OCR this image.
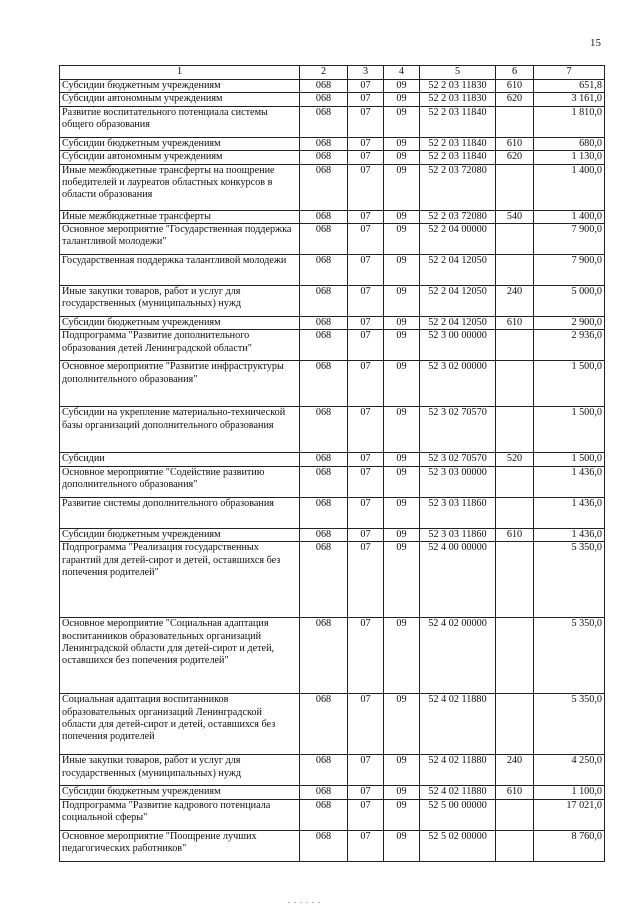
15
1	2	3	4	5	6	7
Субсидии бюджетным учреждениям	068	07	09	52 2 03 11830	610	651,8
Субсидии автономным учреждениям	068	07	09	52 2 03 11830	620	3 161,0
Развитие воспитательного потенциала системы общего образования	068	07	09	52 2 03 11840		1 810,0
Субсидии бюджетным учреждениям	068	07	09	52 2 03 11840	610	680,0
Субсидии автономным учреждениям	068	07	09	52 2 03 11840	620	1 130,0
Иные межбюджетные трансферты на поощрение победителей и лауреатов областных конкурсов в области образования	068	07	09	52 2 03 72080		1 400,0
Иные межбюджетные трансферты	068	07	09	52 2 03 72080	540	1 400,0
Основное мероприятие "Государственная поддержка талантливой молодежи"	068	07	09	52 2 04 00000		7 900,0
Государственная поддержка талантливой молодежи	068	07	09	52 2 04 12050		7 900,0
Иные закупки товаров, работ и услуг для государственных (муниципальных) нужд	068	07	09	52 2 04 12050	240	5 000,0
Субсидии бюджетным учреждениям	068	07	09	52 2 04 12050	610	2 900,0
Подпрограмма "Развитие дополнительного образования детей Ленинградской области"	068	07	09	52 3 00 00000		2 936,0
Основное мероприятие "Развитие инфраструктуры дополнительного образования"	068	07	09	52 3 02 00000		1 500,0
Субсидии на укрепление материально-технической базы организаций дополнительного образования	068	07	09	52 3 02 70570		1 500,0
Субсидии	068	07	09	52 3 02 70570	520	1 500,0
Основное мероприятие "Содействие развитию дополнительного образования"	068	07	09	52 3 03 00000		1 436,0
Развитие системы дополнительного образования	068	07	09	52 3 03 11860		1 436,0
Субсидии бюджетным учреждениям	068	07	09	52 3 03 11860	610	1 436,0
Подпрограмма "Реализация государственных гарантий для детей-сирот и детей, оставшихся без попечения родителей"	068	07	09	52 4 00 00000		5 350,0
Основное мероприятие "Социальная адаптация воспитанников образовательных организаций Ленинградской области для детей-сирот и детей, оставшихся без попечения родителей"	068	07	09	52 4 02 00000		5 350,0
Социальная адаптация воспитанников образовательных организаций Ленинградской области для детей-сирот и детей, оставшихся без попечения родителей	068	07	09	52 4 02 11880		5 350,0
Иные закупки товаров, работ и услуг для государственных (муниципальных) нужд	068	07	09	52 4 02 11880	240	4 250,0
Субсидии бюджетным учреждениям	068	07	09	52 4 02 11880	610	1 100,0
Подпрограмма "Развитие кадрового потенциала социальной сферы"	068	07	09	52 5 00 00000		17 021,0
Основное мероприятие "Поощрение лучших педагогических работников"	068	07	09	52 5 02 00000		8 760,0
. . . . . .
